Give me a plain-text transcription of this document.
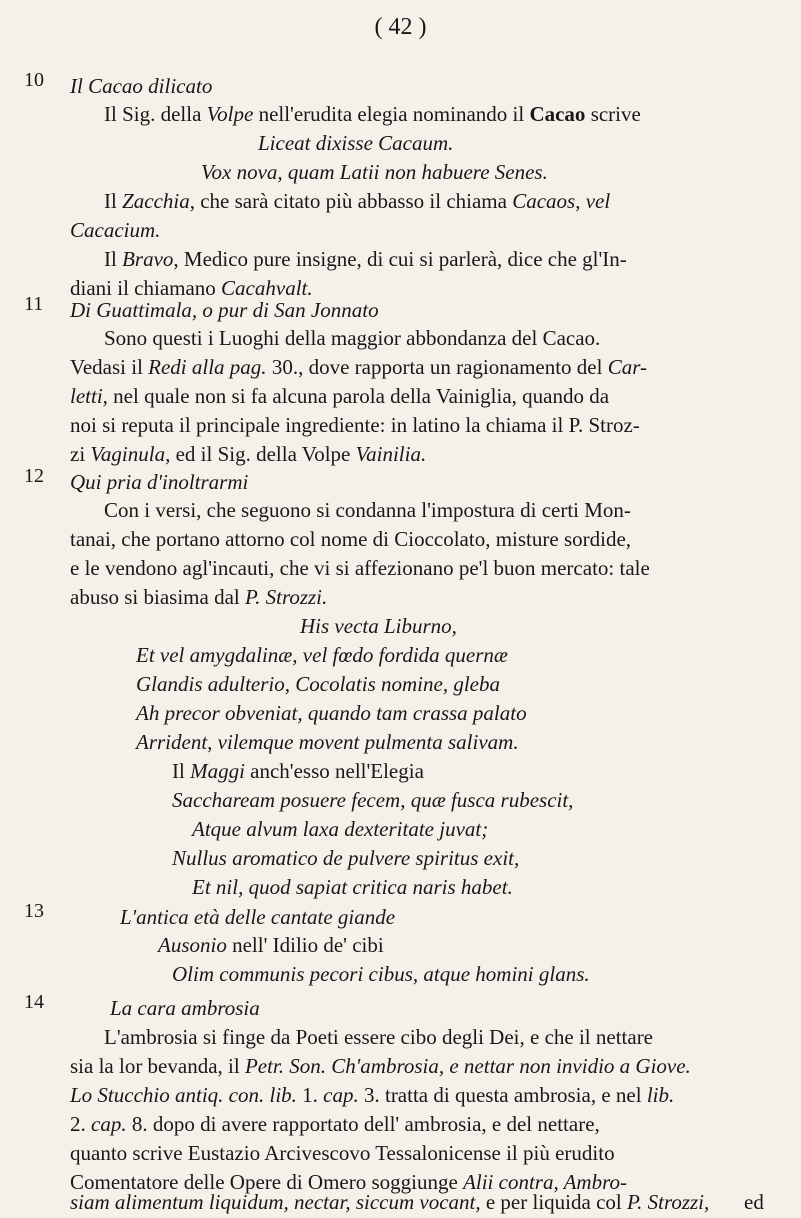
( 42 )
10 Il Cacao dilicato
Il Sig. della Volpe nell'erudita elegia nominando il Cacao scrive
Liceat dixisse Cacaum.
Vox nova, quam Latii non habuere Senes.
Il Zacchia, che sarà citato più abbasso il chiama Cacaos, vel
Cacacium.
Il Bravo, Medico pure insigne, di cui si parlerà, dice che gl'In-
diani il chiamano Cacahvalt.
11 Di Guattimala, o pur di San Jonnato
Sono questi i Luoghi della maggior abbondanza del Cacao.
Vedasi il Redi alla pag. 30., dove rapporta un ragionamento del Car-
letti, nel quale non si fa alcuna parola della Vainiglia, quando da
noi si reputa il principale ingrediente: in latino la chiama il P. Stroz-
zi Vaginula, ed il Sig. della Volpe Vainilia.
12 Qui pria d'inoltrarmi
Con i versi, che seguono si condanna l'impostura di certi Mon-
tanai, che portano attorno col nome di Cioccolato, misture sordide,
e le vendono agl'incauti, che vi si affezionano pe'l buon mercato: tale
abuso si biasima dal P. Strozzi.
His vecta Liburno,
Et vel amygdalinæ, vel fœdo fordida quernæ
Glandis adulterio, Cocolatis nomine, gleba
Ah precor obveniat, quando tam crassa palato
Arrident, vilemque movent pulmenta salivam.
Il Maggi anch'esso nell'Elegia
Sacchaream posuere fecem, quæ fusca rubescit,
Atque alvum laxa dexteritate juvat;
Nullus aromatico de pulvere spiritus exit,
Et nil, quod sapiat critica naris habet.
13	L'antica età delle cantate giande
Ausonio nell' Idilio de' cibi
Olim communis pecori cibus, atque homini glans.
14	La cara ambrosia
L'ambrosia si finge da Poeti essere cibo degli Dei, e che il nettare
sia la lor bevanda, il Petr. Son. Ch'ambrosia, e nettar non invidio a Giove.
Lo Stucchio antiq. con. lib. 1. cap. 3. tratta di questa ambrosia, e nel lib.
2. cap. 8. dopo di avere rapportato dell' ambrosia, e del nettare,
quanto scrive Eustazio Arcivescovo Tessalonicense il più erudito
Comentatore delle Opere di Omero soggiunge Alii contra, Ambro-
siam alimentum liquidum, nectar, siccum vocant, e per liquida col P. Strozzi, ed
